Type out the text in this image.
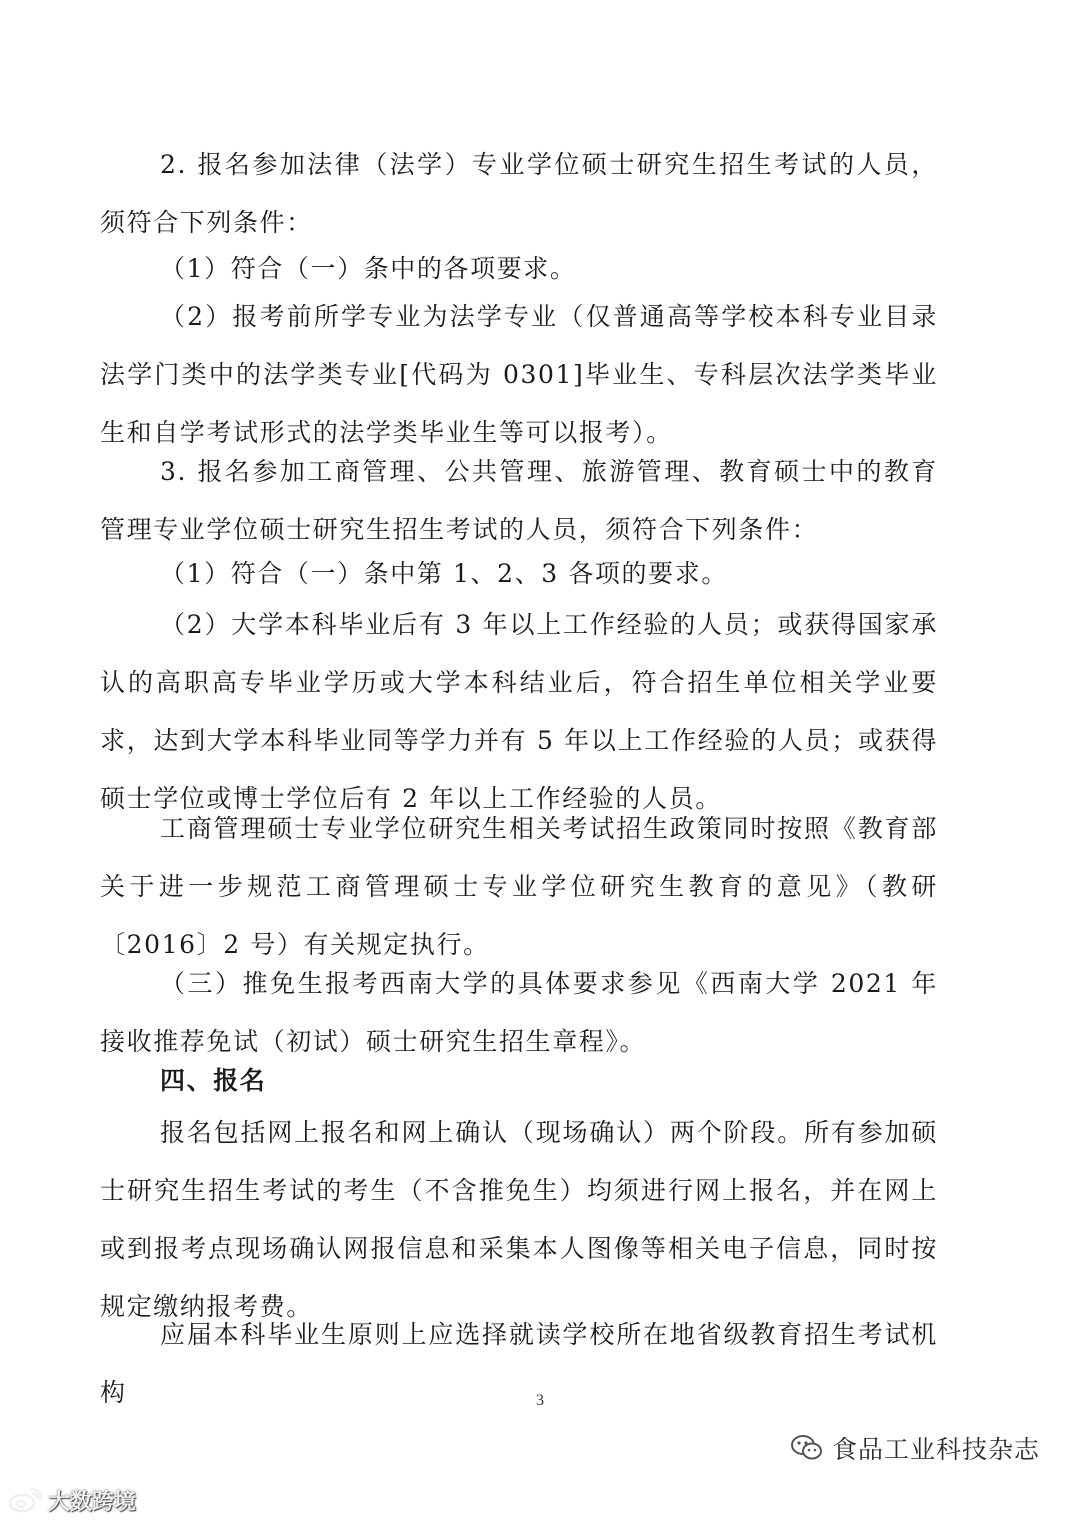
2. 报名参加法律（法学）专业学位硕士研究生招生考试的人员，须符合下列条件：

（1）符合（一）条中的各项要求。

（2）报考前所学专业为法学专业（仅普通高等学校本科专业目录法学门类中的法学类专业[代码为 0301]毕业生、专科层次法学类毕业生和自学考试形式的法学类毕业生等可以报考）。

3. 报名参加工商管理、公共管理、旅游管理、教育硕士中的教育管理专业学位硕士研究生招生考试的人员，须符合下列条件：

（1）符合（一）条中第 1、2、3 各项的要求。

（2）大学本科毕业后有 3 年以上工作经验的人员；或获得国家承认的高职高专毕业学历或大学本科结业后，符合招生单位相关学业要求，达到大学本科毕业同等学力并有 5 年以上工作经验的人员；或获得硕士学位或博士学位后有 2 年以上工作经验的人员。

工商管理硕士专业学位研究生相关考试招生政策同时按照《教育部关于进一步规范工商管理硕士专业学位研究生教育的意见》（教研〔2016〕2 号）有关规定执行。

（三）推免生报考西南大学的具体要求参见《西南大学 2021 年接收推荐免试（初试）硕士研究生招生章程》。

四、报名

报名包括网上报名和网上确认（现场确认）两个阶段。所有参加硕士研究生招生考试的考生（不含推免生）均须进行网上报名，并在网上或到报考点现场确认网报信息和采集本人图像等相关电子信息，同时按规定缴纳报考费。

应届本科毕业生原则上应选择就读学校所在地省级教育招生考试机构	3
食品工业科技杂志
大数跨境
